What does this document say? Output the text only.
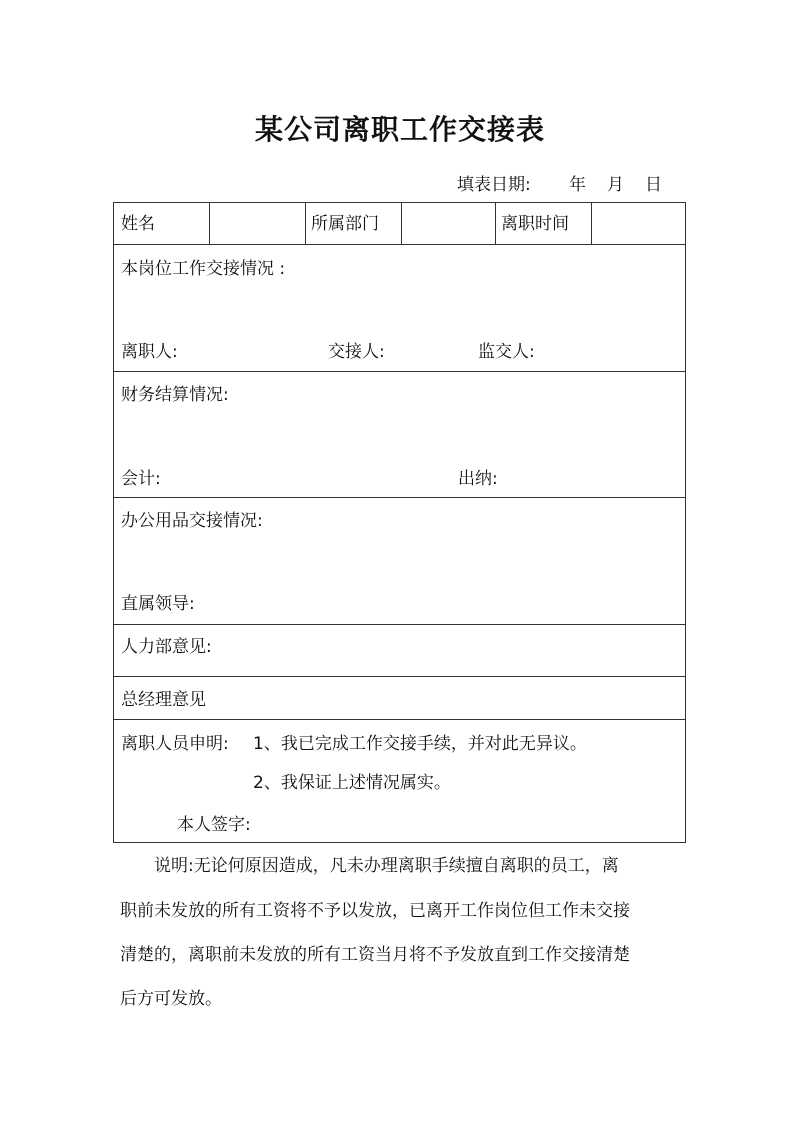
某公司离职工作交接表
填表日期: 年 月 日
姓名	所属部门	离职时间
本岗位工作交接情况 :
离职人:	交接人:	监交人:
财务结算情况:
会计:	出纳:
办公用品交接情况:
直属领导:
人力部意见:
总经理意见
离职人员申明: 1、我已完成工作交接手续，并对此无异议。
2、我保证上述情况属实。
本人签字:
说明:无论何原因造成，凡未办理离职手续擅自离职的员工，离
职前未发放的所有工资将不予以发放，已离开工作岗位但工作未交接
清楚的，离职前未发放的所有工资当月将不予发放直到工作交接清楚
后方可发放。
